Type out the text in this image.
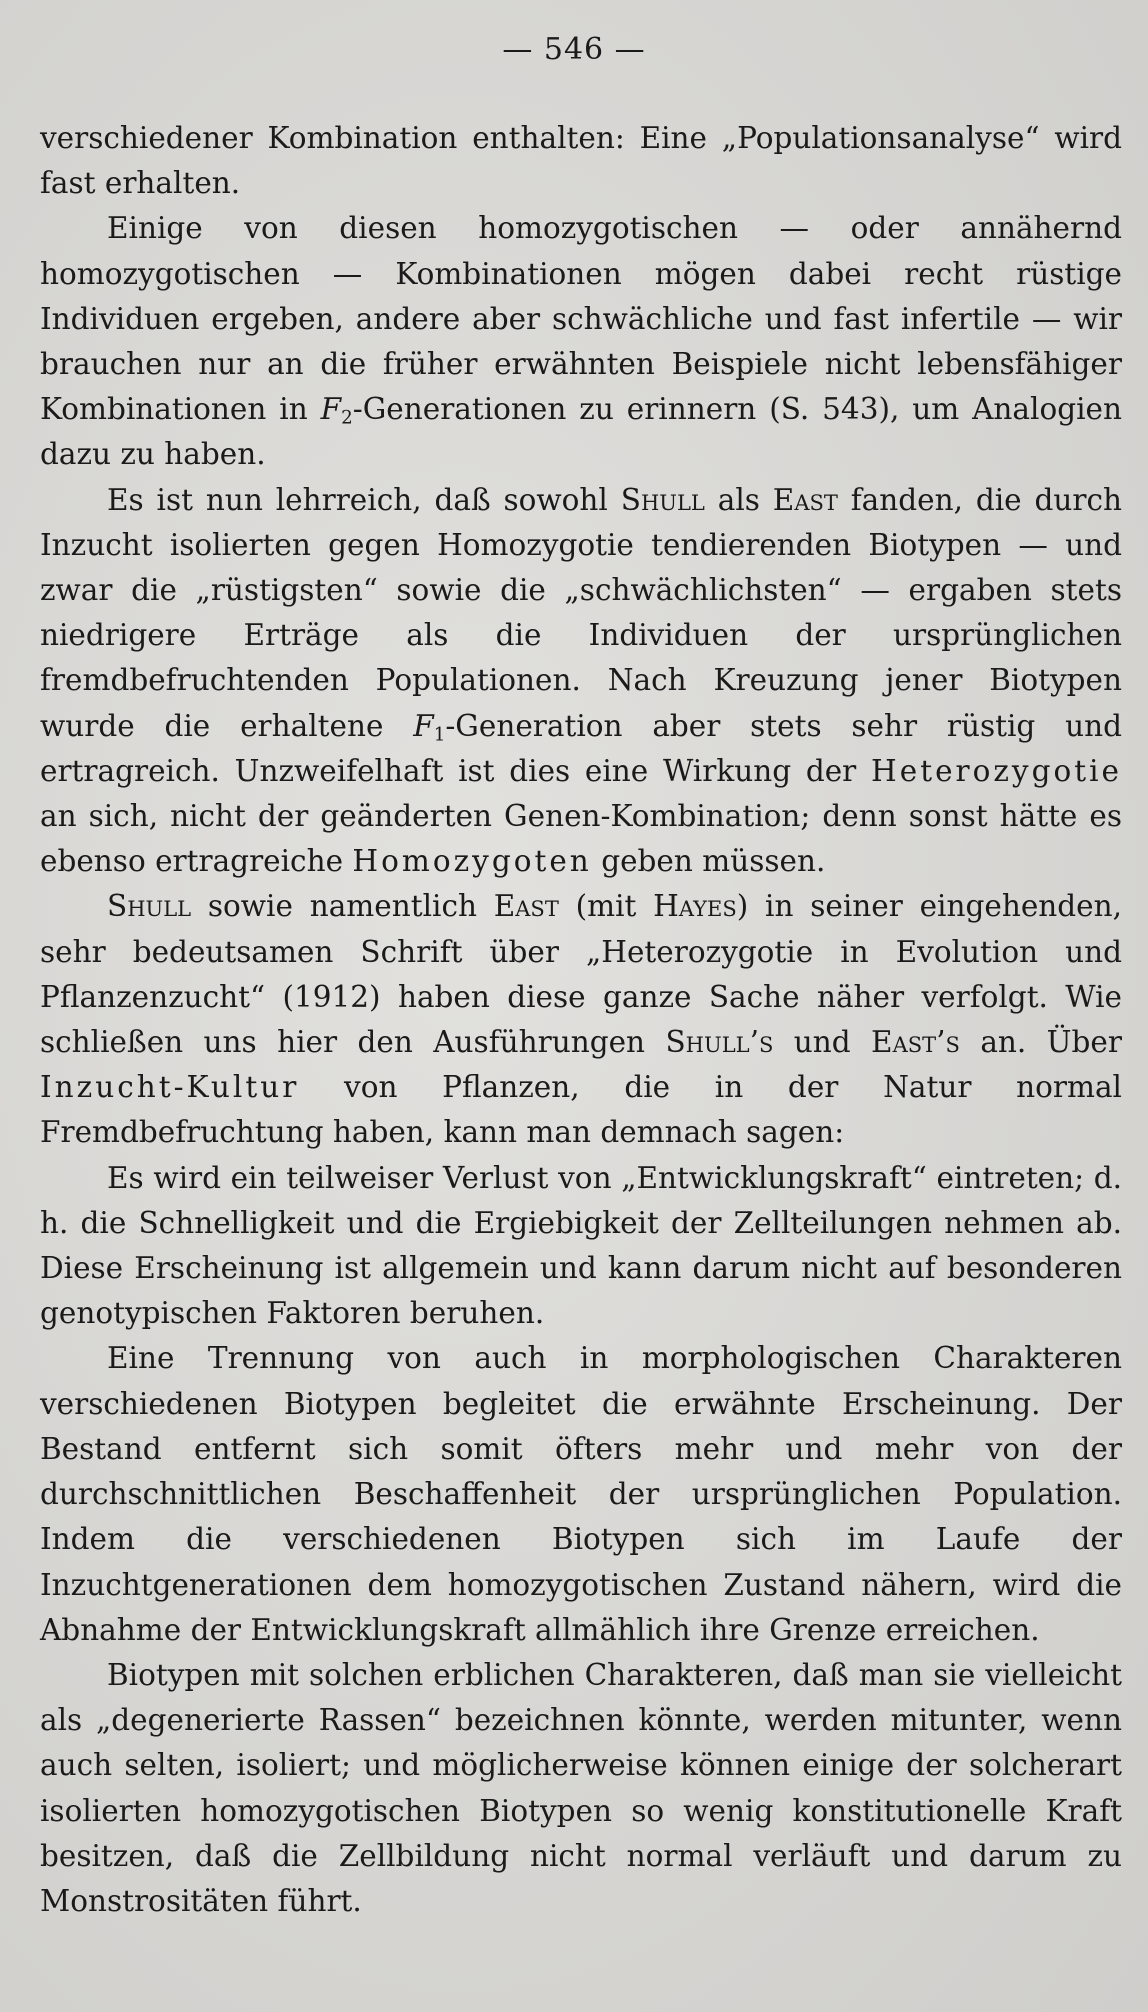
— 546 —

verschiedener Kombination enthalten: Eine „Populationsanalyse“ wird fast erhalten.

Einige von diesen homozygotischen — oder annähernd homozygotischen — Kombinationen mögen dabei recht rüstige Individuen ergeben, andere aber schwächliche und fast infertile — wir brauchen nur an die früher erwähnten Beispiele nicht lebensfähiger Kombinationen in $F_2$-Generationen zu erinnern (S. 543), um Analogien dazu zu haben.

Es ist nun lehrreich, daß sowohl Shull als East fanden, die durch Inzucht isolierten gegen Homozygotie tendierenden Biotypen — und zwar die „rüstigsten“ sowie die „schwächlichsten“ — ergaben stets niedrigere Erträge als die Individuen der ursprünglichen fremdbefruchtenden Populationen. Nach Kreuzung jener Biotypen wurde die erhaltene $F_1$-Generation aber stets sehr rüstig und ertragreich. Unzweifelhaft ist dies eine Wirkung der Heterozygotie an sich, nicht der geänderten Genen-Kombination; denn sonst hätte es ebenso ertragreiche Homozygoten geben müssen.

Shull sowie namentlich East (mit Hayes) in seiner eingehenden, sehr bedeutsamen Schrift über „Heterozygotie in Evolution und Pflanzenzucht“ (1912) haben diese ganze Sache näher verfolgt. Wie schließen uns hier den Ausführungen Shull’s und East’s an. Über Inzucht-Kultur von Pflanzen, die in der Natur normal Fremdbefruchtung haben, kann man demnach sagen:

Es wird ein teilweiser Verlust von „Entwicklungskraft“ eintreten; d. h. die Schnelligkeit und die Ergiebigkeit der Zellteilungen nehmen ab. Diese Erscheinung ist allgemein und kann darum nicht auf besonderen genotypischen Faktoren beruhen.

Eine Trennung von auch in morphologischen Charakteren verschiedenen Biotypen begleitet die erwähnte Erscheinung. Der Bestand entfernt sich somit öfters mehr und mehr von der durchschnittlichen Beschaffenheit der ursprünglichen Population. Indem die verschiedenen Biotypen sich im Laufe der Inzuchtgenerationen dem homozygotischen Zustand nähern, wird die Abnahme der Entwicklungskraft allmählich ihre Grenze erreichen.

Biotypen mit solchen erblichen Charakteren, daß man sie vielleicht als „degenerierte Rassen“ bezeichnen könnte, werden mitunter, wenn auch selten, isoliert; und möglicherweise können einige der solcherart isolierten homozygotischen Biotypen so wenig konstitutionelle Kraft besitzen, daß die Zellbildung nicht normal verläuft und darum zu Monstrositäten führt.
